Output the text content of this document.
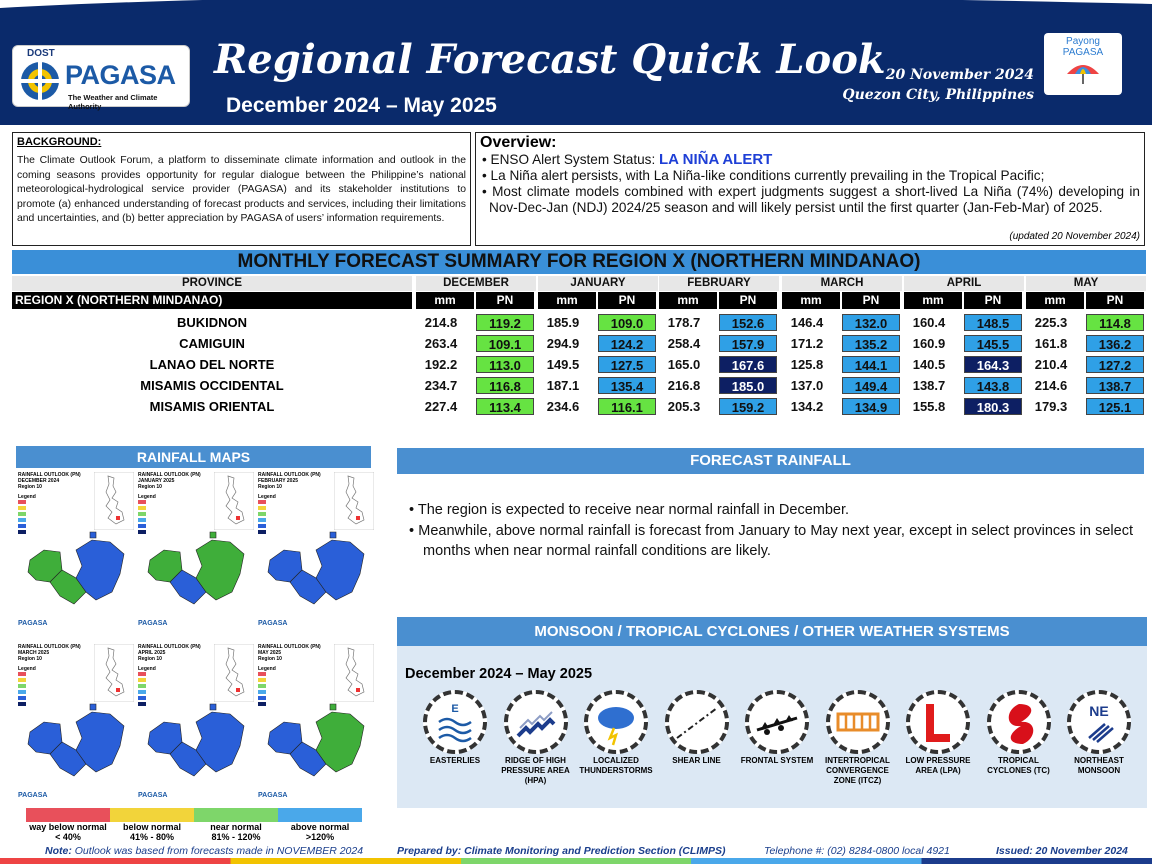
DOST
PAGASA
The Weather and Climate Authority
Regional Forecast Quick Look
December 2024 – May 2025
20 November 2024
Quezon City, Philippines
Payong
PAGASA
BACKGROUND:
The Climate Outlook Forum, a platform to disseminate climate information and outlook in the coming seasons provides opportunity for regular dialogue between the Philippine’s national meteorological-hydrological service provider (PAGASA) and its stakeholder institutions to promote (a) enhanced understanding of forecast products and services, including their limitations and uncertainties, and (b) better appreciation by PAGASA of users’ information requirements.
Overview:
• ENSO Alert System Status: LA NIÑA ALERT
• La Niña alert persists, with La Niña-like conditions currently prevailing in the Tropical Pacific;
• Most climate models combined with expert judgments suggest a short-lived La Niña (74%) developing in Nov-Dec-Jan (NDJ) 2024/25 season and will likely persist until the first quarter (Jan-Feb-Mar) of 2025.
(updated 20 November 2024)
MONTHLY FORECAST SUMMARY FOR REGION X (NORTHERN MINDANAO)
PROVINCE	DECEMBER	JANUARY	FEBRUARY	MARCH	APRIL	MAY
REGION X (NORTHERN MINDANAO)	mm	PN	mm	PN	mm	PN	mm	PN	mm	PN	mm	PN
BUKIDNON	214.8	119.2	185.9	109.0	178.7	152.6	146.4	132.0	160.4	148.5	225.3	114.8
CAMIGUIN	263.4	109.1	294.9	124.2	258.4	157.9	171.2	135.2	160.9	145.5	161.8	136.2
LANAO DEL NORTE	192.2	113.0	149.5	127.5	165.0	167.6	125.8	144.1	140.5	164.3	210.4	127.2
MISAMIS OCCIDENTAL	234.7	116.8	187.1	135.4	216.8	185.0	137.0	149.4	138.7	143.8	214.6	138.7
MISAMIS ORIENTAL	227.4	113.4	234.6	116.1	205.3	159.2	134.2	134.9	155.8	180.3	179.3	125.1
RAINFALL MAPS
RAINFALL OUTLOOK (PN)
DECEMBER 2024
Region 10
Legend
PAGASA
RAINFALL OUTLOOK (PN)
JANUARY 2025
Region 10
Legend
PAGASA
RAINFALL OUTLOOK (PN)
FEBRUARY 2025
Region 10
Legend
PAGASA
RAINFALL OUTLOOK (PN)
MARCH 2025
Region 10
Legend
PAGASA
RAINFALL OUTLOOK (PN)
APRIL 2025
Region 10
Legend
PAGASA
RAINFALL OUTLOOK (PN)
MAY 2025
Region 10
Legend
PAGASA
way below normal
< 40%
below normal
41% - 80%
near normal
81% - 120%
above normal
>120%
FORECAST RAINFALL
• The region is expected to receive near normal rainfall in December.
• Meanwhile, above normal rainfall is forecast from January to May next year, except in select provinces in select months when near normal rainfall conditions are likely.
MONSOON / TROPICAL CYCLONES / OTHER WEATHER SYSTEMS
December 2024 – May 2025
E
EASTERLIES	RIDGE OF HIGH PRESSURE AREA (HPA)
LOCALIZED THUNDERSTORMS
SHEAR LINE	FRONTAL SYSTEM	INTERTROPICAL CONVERGENCE ZONE (ITCZ)
LOW PRESSURE AREA (LPA)
TROPICAL CYCLONES (TC)
NE
NORTHEAST MONSOON
Note: Outlook was based from forecasts made in NOVEMBER 2024	Prepared by: Climate Monitoring and Prediction Section (CLIMPS)	Telephone #: (02) 8284-0800 local 4921	Issued: 20 November 2024
